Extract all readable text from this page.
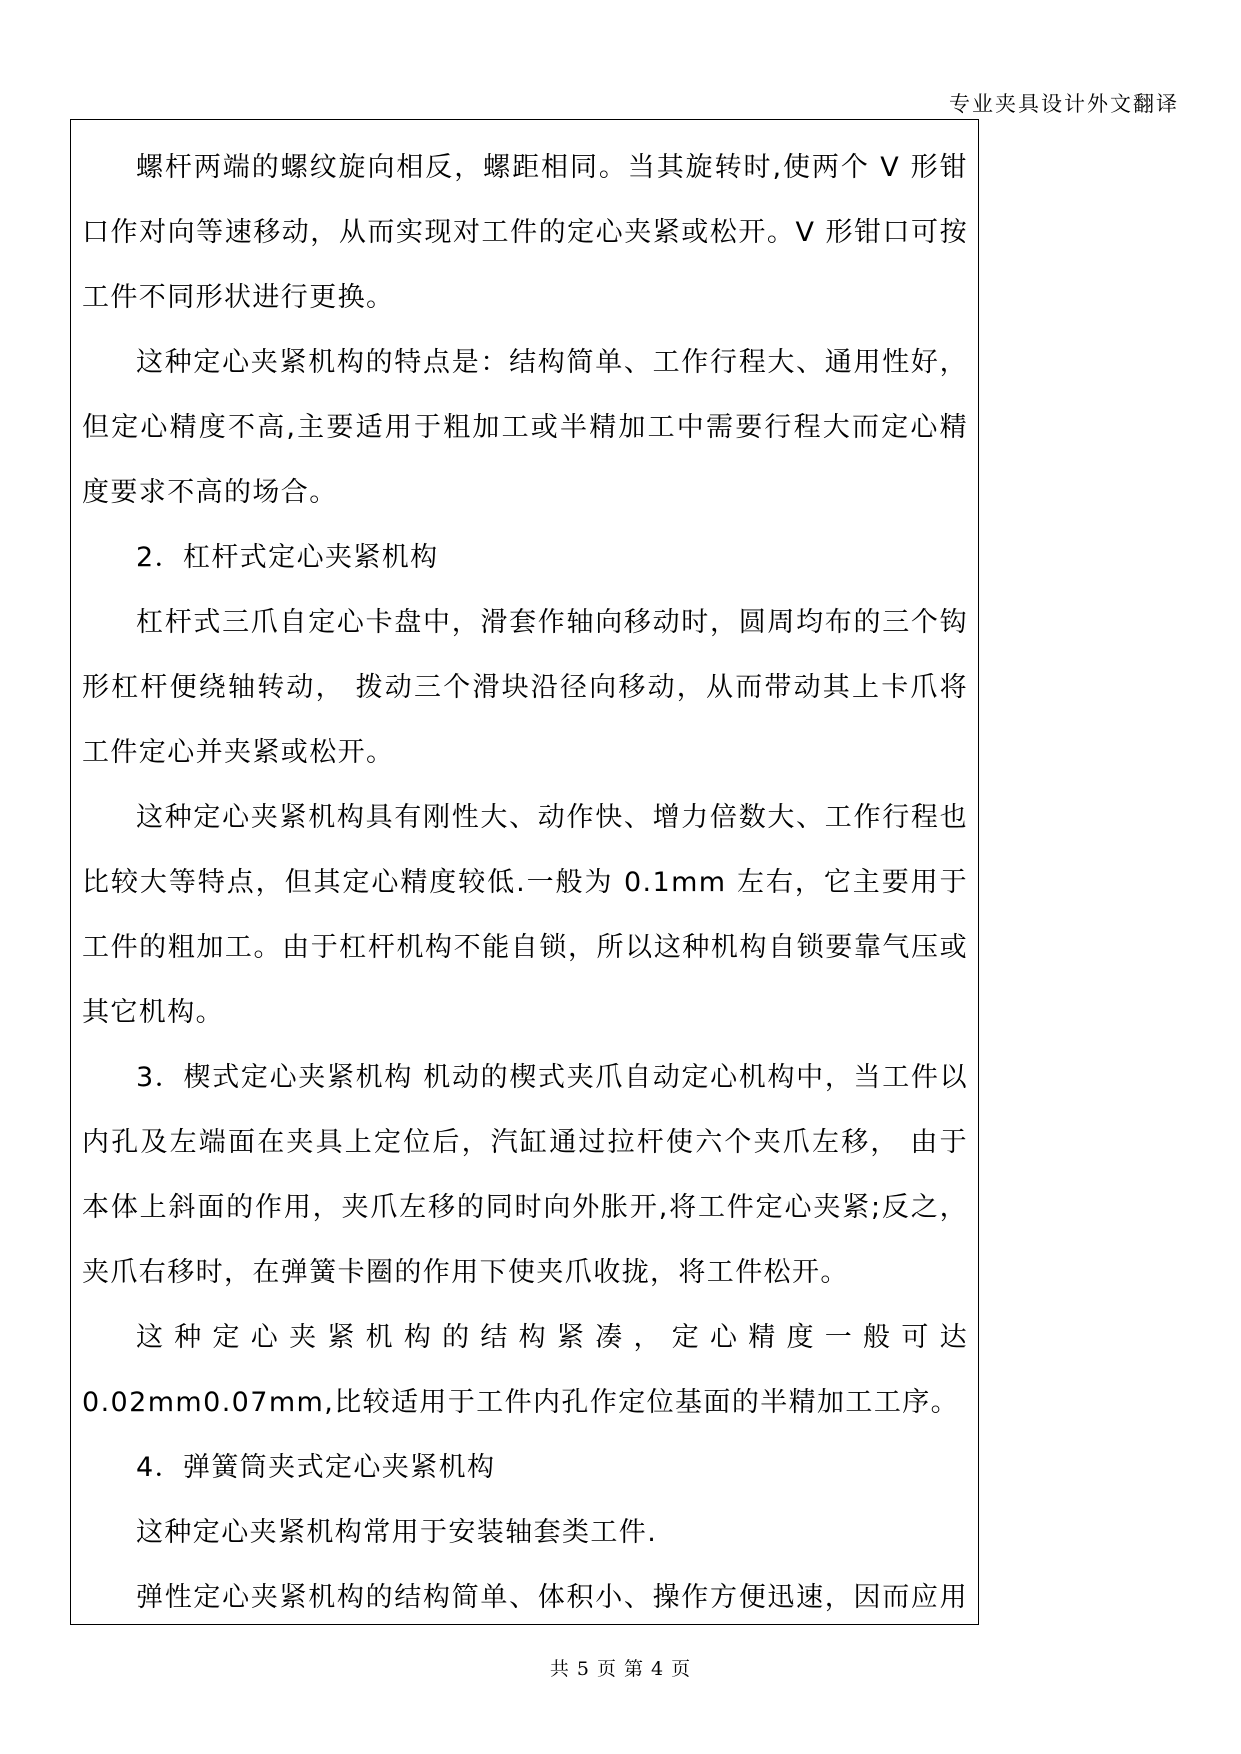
专业夹具设计外文翻译

螺杆两端的螺纹旋向相反，螺距相同。当其旋转时,使两个 V 形钳口作对向等速移动，从而实现对工件的定心夹紧或松开。V 形钳口可按工件不同形状进行更换。

这种定心夹紧机构的特点是：结构简单、工作行程大、通用性好，但定心精度不高,主要适用于粗加工或半精加工中需要行程大而定心精度要求不高的场合。

2．杠杆式定心夹紧机构

杠杆式三爪自定心卡盘中，滑套作轴向移动时，圆周均布的三个钩形杠杆便绕轴转动， 拨动三个滑块沿径向移动，从而带动其上卡爪将工件定心并夹紧或松开。

这种定心夹紧机构具有刚性大、动作快、增力倍数大、工作行程也比较大等特点，但其定心精度较低.一般为 0.1mm 左右，它主要用于工件的粗加工。由于杠杆机构不能自锁，所以这种机构自锁要靠气压或其它机构。

3．楔式定心夹紧机构 机动的楔式夹爪自动定心机构中，当工件以内孔及左端面在夹具上定位后，汽缸通过拉杆使六个夹爪左移， 由于本体上斜面的作用，夹爪左移的同时向外胀开,将工件定心夹紧;反之，夹爪右移时，在弹簧卡圈的作用下使夹爪收拢，将工件松开。

这种定心夹紧机构的结构紧凑，定心精度一般可达 0.02mm0.07mm,比较适用于工件内孔作定位基面的半精加工工序。

4．弹簧筒夹式定心夹紧机构

这种定心夹紧机构常用于安装轴套类工件.

弹性定心夹紧机构的结构简单、体积小、操作方便迅速，因而应用

共 5 页 第 4 页
